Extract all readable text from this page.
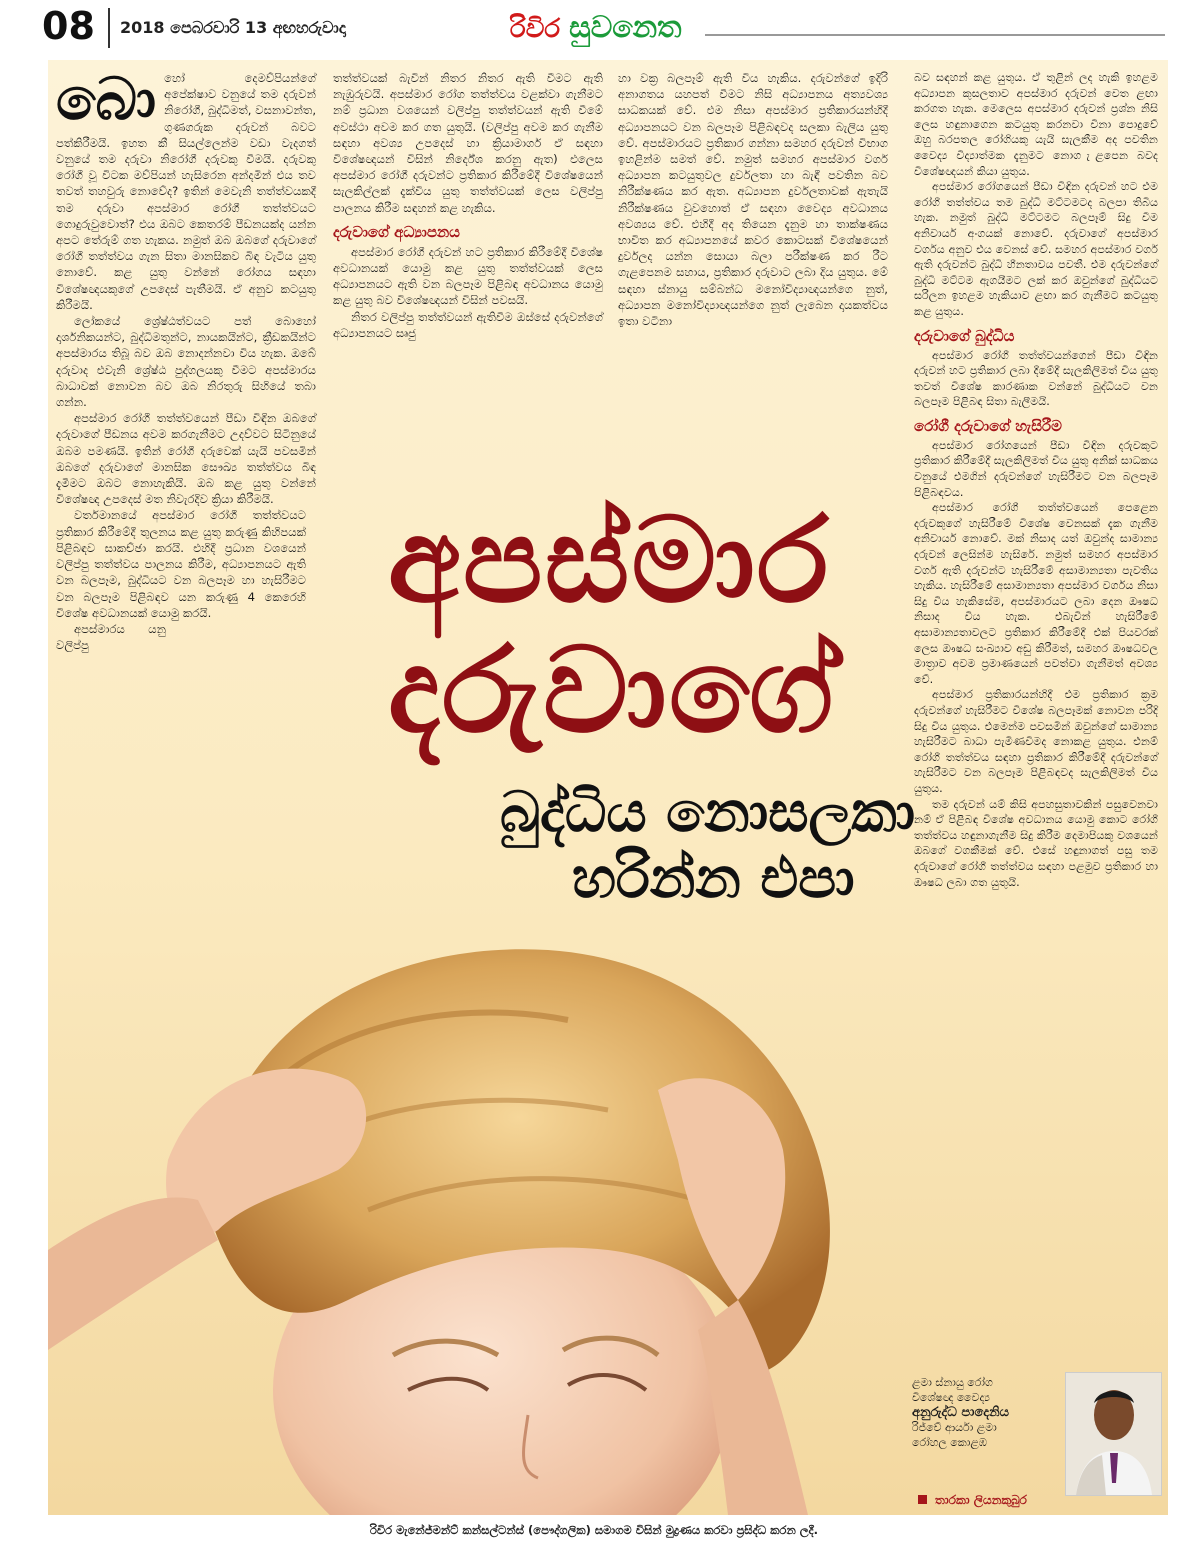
08 2018 පෙබරවාරි 13 අඟහරුවාදා	රිවිර සුවනෙත
බො හෝ දෙමව්පියන්ගේ අපේක්ෂාව වනුයේ තම දරුවන් නිරෝගී, බුද්ධිමත්, වසනාවන්ත, ගුණගරුක දරුවන් බවට පත්කිරීමයි. ඉහත කී සියල්ලෙන්ම වඩා වැදගත් වනුයේ තම දරුවා නිරෝගී දරුවකු වීමයි. දරුවකු රෝගී වූ විටක මව්පියන් හැසිරෙන අන්දමින් එය තව තවත් තහවුරු නොවේද? ඉතින් මෙවැනි තත්ත්වයකදී තම දරුවා අපස්මාර රෝගී තත්ත්වයට ගොදුරුවුවොත්? එය ඔබට කෙතරම් පීඩනයක්ද යන්න අපට තේරුම් ගත හැකය. නමුත් ඔබ ඔබගේ දරුවාගේ රෝගී තත්ත්වය ගැන සිතා මානසිකව බිඳ වැටිය යුතු නොවේ. කළ යුතු වන්නේ රෝගය සඳහා විශේෂඥයකුගේ උපදෙස් පැතීමයි. ඒ අනුව කටයුතු කිරීමයි.

ලෝකයේ ශ්‍රේෂ්ඨත්වයට පත් බොහෝ දාර්ශනිකයන්ට, බුද්ධිමතුන්ට, නායකයින්ට, ක්‍රීඩකයින්ට අපස්මාරය තිබූ බව ඔබ නොදන්නවා විය හැක. ඔබේ දරුවාද එවැනි ශ්‍රේෂ්ඨ පුද්ගලයකු වීමට අපස්මාරය බාධාවක් නොවන බව ඔබ නිරතුරු සිහියේ තබා ගන්න.

අපස්මාර රෝගී තත්ත්වයෙන් පීඩා විඳින ඔබගේ දරුවාගේ පීඩනය අවම කරගැනීමට උදව්වට සිටිනුයේ ඔබම පමණයි. ඉතින් රෝගී දරුවෙක් යැයි පවසමින් ඔබගේ දරුවාගේ මානසික සෞඛ්‍ය තත්ත්වය බිඳ දැමීමට ඔබට නොහැකියි. ඔබ කළ යුතු වන්නේ විශේෂඥ උපදෙස් මත නිවැරදිව ක්‍රියා කිරීමයි.

වර්තමානයේ අපස්මාර රෝගී තත්ත්වයට ප්‍රතිකාර කිරීමේදී තුලනය කළ යුතු කරුණු කිහිපයක් පිළිබඳව සාකච්ඡා කරයි. එහිදී ප්‍රධාන වශයෙන් වලිප්පු තත්ත්වය පාලනය කිරීම, අධ්‍යාපනයට ඇති වන බලපෑම, බුද්ධියට වන බලපෑම හා හැසිරීමට වන බලපෑම පිළිබඳව යන කරුණු 4 කෙරෙහි විශේෂ අවධානයක් යොමු කරයි.

අපස්මාරය යනු වලිප්පු

තත්ත්වයක් බැවින් නිතර නිතර ඇති වීමට ඇති නැඹුරුවයි. අපස්මාර රෝග තත්ත්වය වළක්වා ගැනීමට නම් ප්‍රධාන වශයෙන් වලිප්පු තත්ත්වයන් ඇති වීමේ අවස්ථා අවම කර ගත යුතුයි. (වලිප්පු අවම කර ගැනීම සඳහා අවශ්‍ය උපදෙස් හා ක්‍රියාමාර්ග ඒ සඳහා විශේෂඥයන් විසින් නිර්දේශ කරනු ඇත) එලෙස අපස්මාර රෝගී දරුවන්ට ප්‍රතිකාර කිරීමේදී විශේෂයෙන් සැලකිල්ලක් දැක්විය යුතු තත්ත්වයක් ලෙස වලිප්පු පාලනය කිරීම සඳහන් කළ හැකිය.

දරුවාගේ අධ්‍යාපනය

අපස්මාර රෝගී දරුවන් හට ප්‍රතිකාර කිරීමේදී විශේෂ අවධානයක් යොමු කළ යුතු තත්ත්වයක් ලෙස අධ්‍යාපනයට ඇති වන බලපෑම පිළිබඳ අවධානය යොමු කළ යුතු බව විශේෂඥයන් විසින් පවසයි.

නිතර වලිප්පු තත්ත්වයන් ඇතිවීම ඔස්සේ දරුවන්ගේ අධ්‍යාපනයට සෘජු

හා වක්‍ර බලපෑම් ඇති විය හැකිය. දරුවන්ගේ ඉදිරි අනාගතය යහපත් වීමට නිසි අධ්‍යාපනය අත්‍යවශ්‍ය සාධකයක් වේ. එම නිසා අපස්මාර ප්‍රතිකාරයන්හිදී අධ්‍යාපනයට වන බලපෑම පිළිබඳවද සලකා බැලිය යුතු වේ. අපස්මාරයට ප්‍රතිකාර ගන්නා සමහර දරුවන් විභාග ඉහළින්ම සමත් වේ. නමුත් සමහර අපස්මාර වර්ග අධ්‍යාපන කටයුතුවල දුර්වලතා හා බැඳී පවතින බව නිරීක්ෂණය කර ඇත. අධ්‍යාපන දුර්වලතාවක් ඇතැයි නිරීක්ෂණය වුවහොත් ඒ සඳහා වෛද්‍ය අවධානය අවශ්‍යය වේ. එහිදී අද තියෙන දැනුම හා තාක්ෂණය භාවිත කර අධ්‍යාපනයේ කවර කොටසක් විශේෂයෙන් දුර්වලද යන්න සොයා බලා පරීක්ෂණ කර රීට ගැළපෙනම සහාය, ප්‍රතිකාර දරුවාට ලබා දිය යුතුය. මේ සඳහා ස්නායු සම්බන්ධ මනෝවිද්‍යාඥයන්ගෙ නුත්, අධ්‍යාපන මනෝවිද්‍යාඥයන්ගෙ නුත් ලැබෙන දායකත්වය ඉතා වටිනා

බව සඳහන් කළ යුතුය. ඒ තුළින් ලද හැකි ඉහළම අධ්‍යාපන කුසලතාව අපස්මාර දරුවන් වෙත ළඟා කරගත හැක. මෙලෙස අපස්මාර දරුවන් ප්‍රශ්න නිසි ලෙස හඳුනාගෙන කටයුතු කරනවා විනා පොදුවේ ඔහු බරපතල රෝගියකු යැයි සැලකීම අද පවතින වෛද්‍ය විද්‍යාත්මක දැනුමට නොග ැළපෙන බවද විශේෂඥයන් කියා යුතුය.

අපස්මාර රෝගයෙන් පීඩා විඳින දරුවන් හට එම රෝගී තත්ත්වය තම බුද්ධි මට්ටමටද බලපා තිබිය හැක. නමුත් බුද්ධි මට්ටමට බලපෑම් සිදු වීම අනිවාර්ය අංගයක් නොවේ. දරුවාගේ අපස්මාර වර්ගය අනුව එය වෙනස් වේ. සමහර අපස්මාර වර්ග ඇති දරුවන්ට බුද්ධි හීනතාවය පවතී. එම දරුවන්ගේ බුද්ධි මට්ටම ඇගයීමට ලක් කර ඔවුන්ගේ බුද්ධියට සරිලන ඉහළම හැකියාව ළඟා කර ගැනීමට කටයුතු කළ යුතුය.

දරුවාගේ බුද්ධිය

අපස්මාර රෝගී තත්ත්වයන්ගෙන් පීඩා විඳින දරුවන් හට ප්‍රතිකාර ලබා දීමේදී සැලකිලිමත් විය යුතු තවත් විශේෂ කාරණාක වන්නේ බුද්ධියට වන බලපෑම පිළිබඳ සිතා බැලීමයි.

රෝගී දරුවාගේ හැසිරීම

අපස්මාර රෝගයෙන් පීඩා විඳින දරුවකුට ප්‍රතිකාර කිරීමේදී සැලකිලිමත් විය යුතු අනික් සාධකය වනුයේ එමගින් දරුවන්ගේ හැසිරීමට වන බලපෑම පිළිබඳවය.

අපස්මාර රෝගී තත්ත්වයෙන් පෙළෙන දරුවකුගේ හැසිරීමේ විශේෂ වෙනසක් දැක ගැනීම අනිවාර්ය නොවේ. මක් නිසාද යත් ඔවුන්ද සාමාන්‍ය දරුවන් ලෙසින්ම හැසිරේ. නමුත් සමහර අපස්මාර වර්ග ඇති දරුවන්ට හැසිරීමේ අසාමාන්‍යතා පැවතිය හැකිය. හැසිරීමේ අසාමාන්‍යතා අපස්මාර වර්ගය නිසා සිදු විය හැකිසේම, අපස්මාරයට ලබා දෙන ඖෂධ නිසාද විය හැක. එබැවින් හැසිරීමේ අසාමාන්‍යතාවලට ප්‍රතිකාර කිරීමේදී එක් පියවරක් ලෙස ඖෂධ සංඛ්‍යාව අඩු කිරීමත්, සමහර ඖෂධවල මාත්‍රාව අවම ප්‍රමාණයෙන් පවත්වා ගැනීමත් අවශ්‍ය වේ.

අපස්මාර ප්‍රතිකාරයන්හිදී එම ප්‍රතිකාර ක්‍රම දරුවන්ගේ හැසිරීමට විශේෂ බලපෑමක් නොවන පරිදි සිදු විය යුතුය. එමෙන්ම පවසමින් ඔවුන්ගේ සාමාන්‍ය හැසිරීමට බාධා පැමිණවීමද නොකළ යුතුය. එනම් රෝගී තත්ත්වය සඳහා ප්‍රතිකාර කිරීමේදී දරුවන්ගේ හැසිරීමට වන බලපෑම පිළිබඳවද සැලකිලිමත් විය යුතුය.

තම දරුවන් යම් කිසි අපහසුතාවකින් පසුවෙනවා නම් ඒ පිළිබඳ විශේෂ අවධානය යොමු කොට රෝගී තත්ත්වය හඳුනාගැනීම සිදු කිරීම දෙමාපියකු වශයෙන් ඔබගේ වගකීමක් වේ. එසේ හඳුනාගත් පසු තම දරුවාගේ රෝගී තත්ත්වය සඳහා පළමුව ප්‍රතිකාර හා ඖෂධ ලබා ගත යුතුයි.

අපස්මාර
දරුවාගේ
බුද්ධිය නොසලකා
හරින්න එපා
ළමා ස්නායු රෝග
විශේෂඥ වෛද්‍ය
අනුරුද්ධ පාදෙනිය
රිජ්වේ ආර්යා ළමා
රෝහල කොළඹ
තාරකා ලියනකුබුර
රිවිර මැනේජ්මන්ට් කන්සල්ටන්ස් (පෞද්ගලික) සමාගම විසින් මුද්‍රණය කරවා ප්‍රසිද්ධ කරන ලදී.
